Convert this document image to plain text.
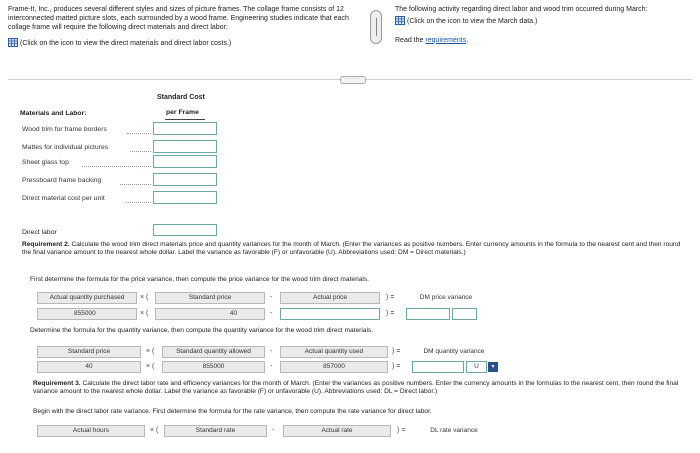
Frame-It, Inc., produces several different styles and sizes of picture frames. The collage frame consists of 12 interconnected matted picture slots, each surrounded by a wood frame. Engineering studies indicate that each collage frame will require the following direct materials and direct labor:
(Click on the icon to view the direct materials and direct labor costs.)
The following activity regarding direct labor and wood trim occurred during March:
(Click on the icon to view the March data.)
Read the requirements.
· · · · ·
Standard Cost
per Frame
Materials and Labor:
Wood trim for frame borders
Mattes for individual pictures
Sheet glass top
Pressboard frame backing
Direct material cost per unit
Direct labor
Requirement 2. Calculate the wood trim direct materials price and quantity variances for the month of March. (Enter the variances as positive numbers. Enter currency amounts in the formula to the nearest cent and then round the final variance amount to the nearest whole dollar. Label the variance as favorable (F) or unfavorable (U). Abbreviations used: DM = Direct materials.)
First determine the formula for the price variance, then compute the price variance for the wood trim direct materials.
Actual quantity purchased	× (	Standard price	-	Actual price	) =	DM price variance
855000	× (	40	-	) =
Determine the formula for the quantity variance, then compute the quantity variance for the wood trim direct materials.
Standard price	× (	Standard quantity allowed	-	Actual quantity used	) =	DM quantity variance
40	× (	855000	-	857000	) =	U	▾
Requirement 3. Calculate the direct labor rate and efficiency variances for the month of March. (Enter the variances as positive numbers. Enter the currency amounts in the formulas to the nearest cent, then round the final variance amount to the nearest whole dollar. Label the variance as favorable (F) or unfavorable (U). Abbreviations used: DL = Direct labor.)
Begin with the direct labor rate variance. First determine the formula for the rate variance, then compute the rate variance for direct labor.
Actual hours	× (	Standard rate	-	Actual rate	) =	DL rate variance
